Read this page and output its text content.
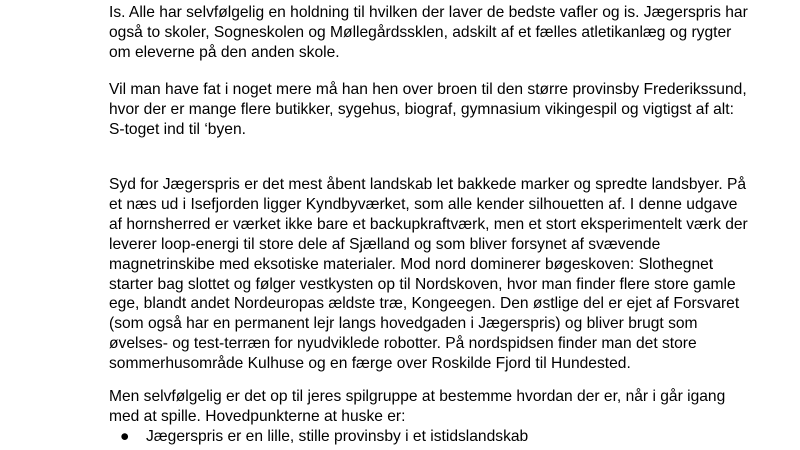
Is. Alle har selvfølgelig en holdning til hvilken der laver de bedste vafler og is. Jægerspris har
også to skoler, Sogneskolen og Møllegårdssklen, adskilt af et fælles atletikanlæg og rygter
om eleverne på den anden skole.

Vil man have fat i noget mere må han hen over broen til den større provinsby Frederikssund,
hvor der er mange flere butikker, sygehus, biograf, gymnasium vikingespil og vigtigst af alt:
S-toget ind til ‘byen.

Syd for Jægerspris er det mest åbent landskab let bakkede marker og spredte landsbyer. På
et næs ud i Isefjorden ligger Kyndbyværket, som alle kender silhouetten af. I denne udgave
af hornsherred er værket ikke bare et backupkraftværk, men et stort eksperimentelt værk der
leverer loop-energi til store dele af Sjælland og som bliver forsynet af svævende
magnetrinskibe med eksotiske materialer. Mod nord dominerer bøgeskoven: Slothegnet
starter bag slottet og følger vestkysten op til Nordskoven, hvor man finder flere store gamle
ege, blandt andet Nordeuropas ældste træ, Kongeegen. Den østlige del er ejet af Forsvaret
(som også har en permanent lejr langs hovedgaden i Jægerspris) og bliver brugt som
øvelses- og test-terræn for nyudviklede robotter. På nordspidsen finder man det store
sommerhusområde Kulhuse og en færge over Roskilde Fjord til Hundested.

Men selvfølgelig er det op til jeres spilgruppe at bestemme hvordan der er, når i går igang
med at spille. Hovedpunkterne at huske er:

● Jægerspris er en lille, stille provinsby i et istidslandskab
